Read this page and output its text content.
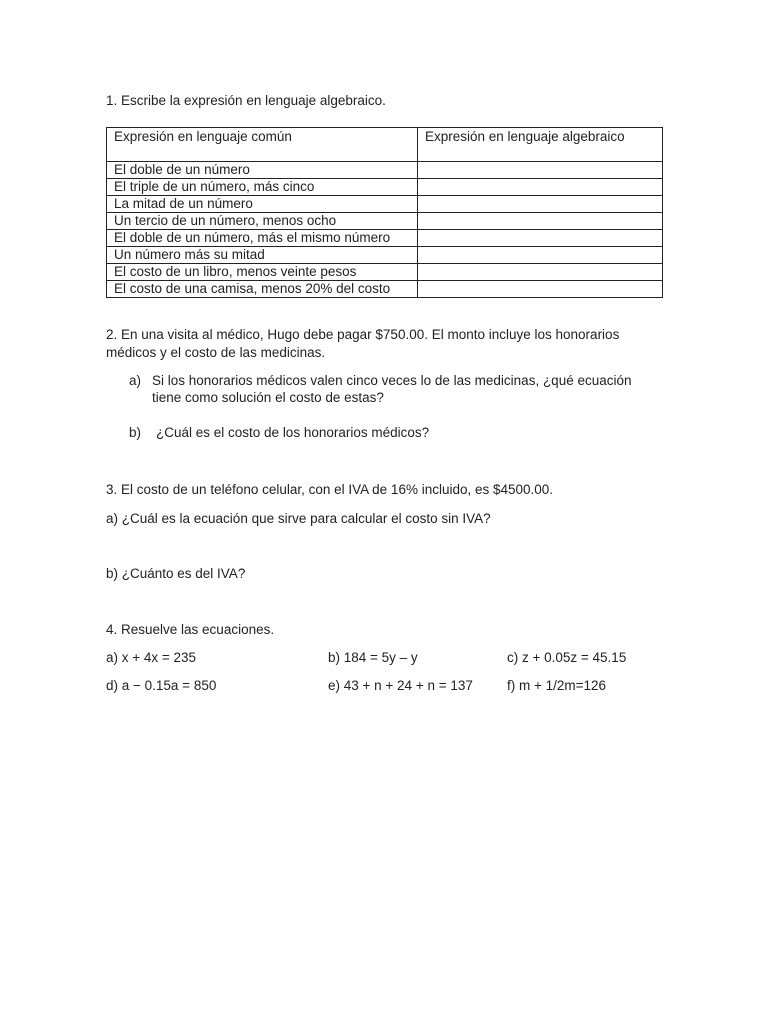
1. Escribe la expresión en lenguaje algebraico.
Expresión en lenguaje común	Expresión en lenguaje algebraico
El doble de un número	
El triple de un número, más cinco	
La mitad de un número	
Un tercio de un número, menos ocho	
El doble de un número, más el mismo número	
Un número más su mitad	
El costo de un libro, menos veinte pesos	
El costo de una camisa, menos 20% del costo	
2. En una visita al médico, Hugo debe pagar $750.00. El monto incluye los honorarios
médicos y el costo de las medicinas.
a) Si los honorarios médicos valen cinco veces lo de las medicinas, ¿qué ecuación
tiene como solución el costo de estas?
b) ¿Cuál es el costo de los honorarios médicos?
3. El costo de un teléfono celular, con el IVA de 16% incluido, es $4500.00.
a) ¿Cuál es la ecuación que sirve para calcular el costo sin IVA?
b) ¿Cuánto es del IVA?
4. Resuelve las ecuaciones.
a) x + 4x = 235	b) 184 = 5y – y	c) z + 0.05z = 45.15
d) a − 0.15a = 850	e) 43 + n + 24 + n = 137	f) m + 1/2m=126
